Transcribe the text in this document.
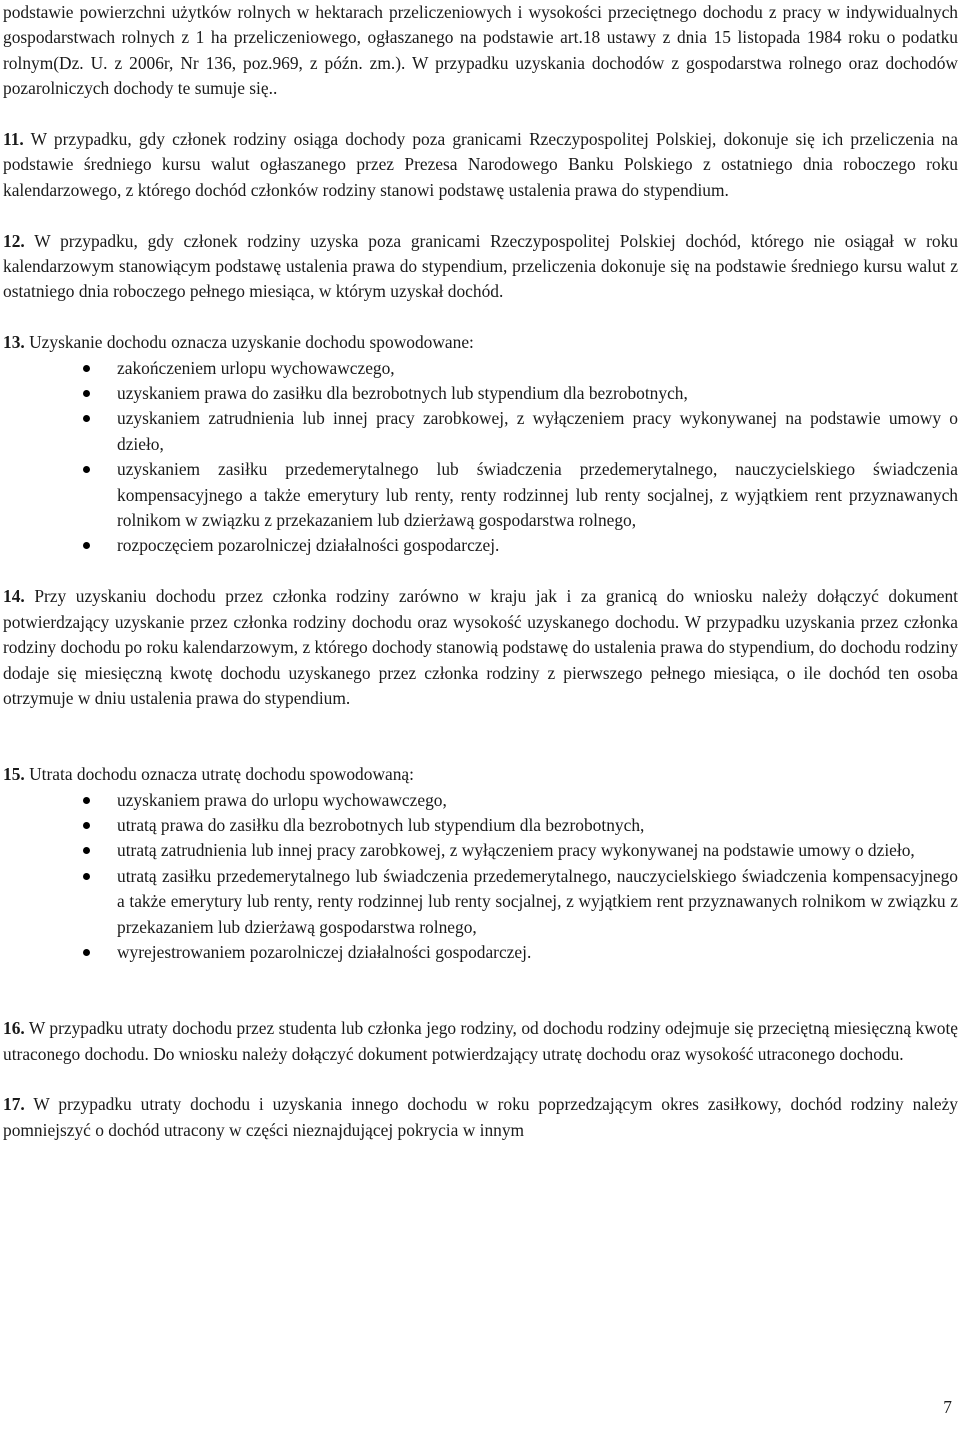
podstawie powierzchni użytków rolnych w hektarach przeliczeniowych i wysokości przeciętnego dochodu z pracy w indywidualnych gospodarstwach rolnych z 1 ha przeliczeniowego, ogłaszanego na podstawie art.18 ustawy z dnia 15 listopada 1984 roku o podatku rolnym(Dz. U. z 2006r, Nr 136, poz.969, z późn. zm.). W przypadku uzyskania dochodów z gospodarstwa rolnego oraz dochodów pozarolniczych dochody te sumuje się..

11. W przypadku, gdy członek rodziny osiąga dochody poza granicami Rzeczypospolitej Polskiej, dokonuje się ich przeliczenia na podstawie średniego kursu walut ogłaszanego przez Prezesa Narodowego Banku Polskiego z ostatniego dnia roboczego roku kalendarzowego, z którego dochód członków rodziny stanowi podstawę ustalenia prawa do stypendium.

12. W przypadku, gdy członek rodziny uzyska poza granicami Rzeczypospolitej Polskiej dochód, którego nie osiągał w roku kalendarzowym stanowiącym podstawę ustalenia prawa do stypendium, przeliczenia dokonuje się na podstawie średniego kursu walut z ostatniego dnia roboczego pełnego miesiąca, w którym uzyskał dochód.

13. Uzyskanie dochodu oznacza uzyskanie dochodu spowodowane:

zakończeniem urlopu wychowawczego,
uzyskaniem prawa do zasiłku dla bezrobotnych lub stypendium dla bezrobotnych,
uzyskaniem zatrudnienia lub innej pracy zarobkowej, z wyłączeniem pracy wykonywanej na podstawie umowy o dzieło,
uzyskaniem zasiłku przedemerytalnego lub świadczenia przedemerytalnego, nauczycielskiego świadczenia kompensacyjnego a także emerytury lub renty, renty rodzinnej lub renty socjalnej, z wyjątkiem rent przyznawanych rolnikom w związku z przekazaniem lub dzierżawą gospodarstwa rolnego,
rozpoczęciem pozarolniczej działalności gospodarczej.

14. Przy uzyskaniu dochodu przez członka rodziny zarówno w kraju jak i za granicą do wniosku należy dołączyć dokument potwierdzający uzyskanie przez członka rodziny dochodu oraz wysokość uzyskanego dochodu. W przypadku uzyskania przez członka rodziny dochodu po roku kalendarzowym, z którego dochody stanowią podstawę do ustalenia prawa do stypendium, do dochodu rodziny dodaje się miesięczną kwotę dochodu uzyskanego przez członka rodziny z pierwszego pełnego miesiąca, o ile dochód ten osoba otrzymuje w dniu ustalenia prawa do stypendium.

15. Utrata dochodu oznacza utratę dochodu spowodowaną:

uzyskaniem prawa do urlopu wychowawczego,
utratą prawa do zasiłku dla bezrobotnych lub stypendium dla bezrobotnych,
utratą zatrudnienia lub innej pracy zarobkowej, z wyłączeniem pracy wykonywanej na podstawie umowy o dzieło,
utratą zasiłku przedemerytalnego lub świadczenia przedemerytalnego, nauczycielskiego świadczenia kompensacyjnego a także emerytury lub renty, renty rodzinnej lub renty socjalnej, z wyjątkiem rent przyznawanych rolnikom w związku z przekazaniem lub dzierżawą gospodarstwa rolnego,
wyrejestrowaniem pozarolniczej działalności gospodarczej.

16. W przypadku utraty dochodu przez studenta lub członka jego rodziny, od dochodu rodziny odejmuje się przeciętną miesięczną kwotę utraconego dochodu. Do wniosku należy dołączyć dokument potwierdzający utratę dochodu oraz wysokość utraconego dochodu.

17. W przypadku utraty dochodu i uzyskania innego dochodu w roku poprzedzającym okres zasiłkowy, dochód rodziny należy pomniejszyć o dochód utracony w części nieznajdującej pokrycia w innym

7
